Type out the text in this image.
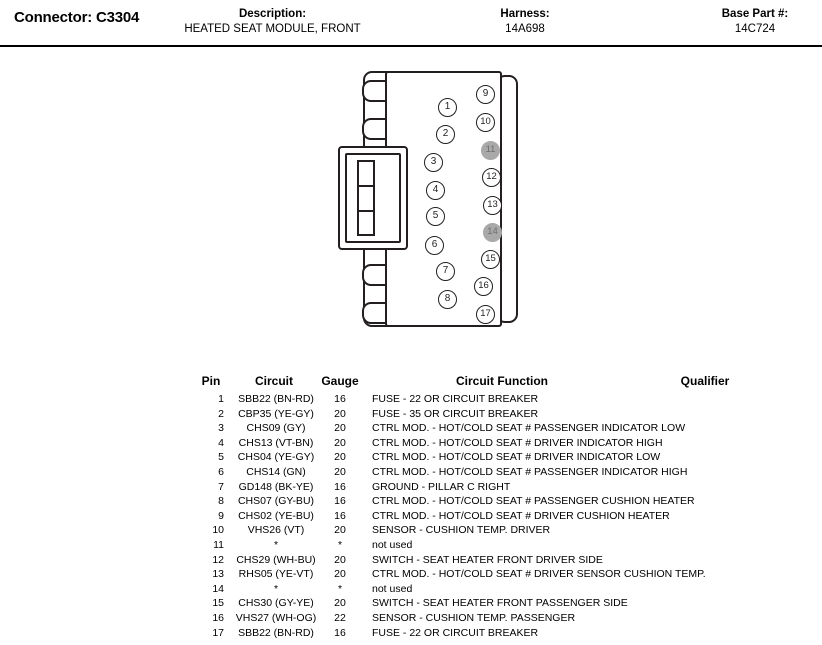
Connector: C3304	Description:
HEATED SEAT MODULE, FRONT
Harness:
14A698
Base Part #:
14C724
1
2
3
4
5
6
7
8
9
10
11
12
13
14
15
16
17
Pin	Circuit	Gauge	Circuit Function	Qualifier
1	SBB22 (BN-RD)	16	FUSE - 22 OR CIRCUIT BREAKER
2	CBP35 (YE-GY)	20	FUSE - 35 OR CIRCUIT BREAKER
3	CHS09 (GY)	20	CTRL MOD. - HOT/COLD SEAT # PASSENGER INDICATOR LOW
4	CHS13 (VT-BN)	20	CTRL MOD. - HOT/COLD SEAT # DRIVER INDICATOR HIGH
5	CHS04 (YE-GY)	20	CTRL MOD. - HOT/COLD SEAT # DRIVER INDICATOR LOW
6	CHS14 (GN)	20	CTRL MOD. - HOT/COLD SEAT # PASSENGER INDICATOR HIGH
7	GD148 (BK-YE)	16	GROUND - PILLAR C RIGHT
8	CHS07 (GY-BU)	16	CTRL MOD. - HOT/COLD SEAT # PASSENGER CUSHION HEATER
9	CHS02 (YE-BU)	16	CTRL MOD. - HOT/COLD SEAT # DRIVER CUSHION HEATER
10	VHS26 (VT)	20	SENSOR - CUSHION TEMP. DRIVER
11	*	*	not used
12	CHS29 (WH-BU)	20	SWITCH - SEAT HEATER FRONT DRIVER SIDE
13	RHS05 (YE-VT)	20	CTRL MOD. - HOT/COLD SEAT # DRIVER SENSOR CUSHION TEMP.
14	*	*	not used
15	CHS30 (GY-YE)	20	SWITCH - SEAT HEATER FRONT PASSENGER SIDE
16	VHS27 (WH-OG)	22	SENSOR - CUSHION TEMP. PASSENGER
17	SBB22 (BN-RD)	16	FUSE - 22 OR CIRCUIT BREAKER
